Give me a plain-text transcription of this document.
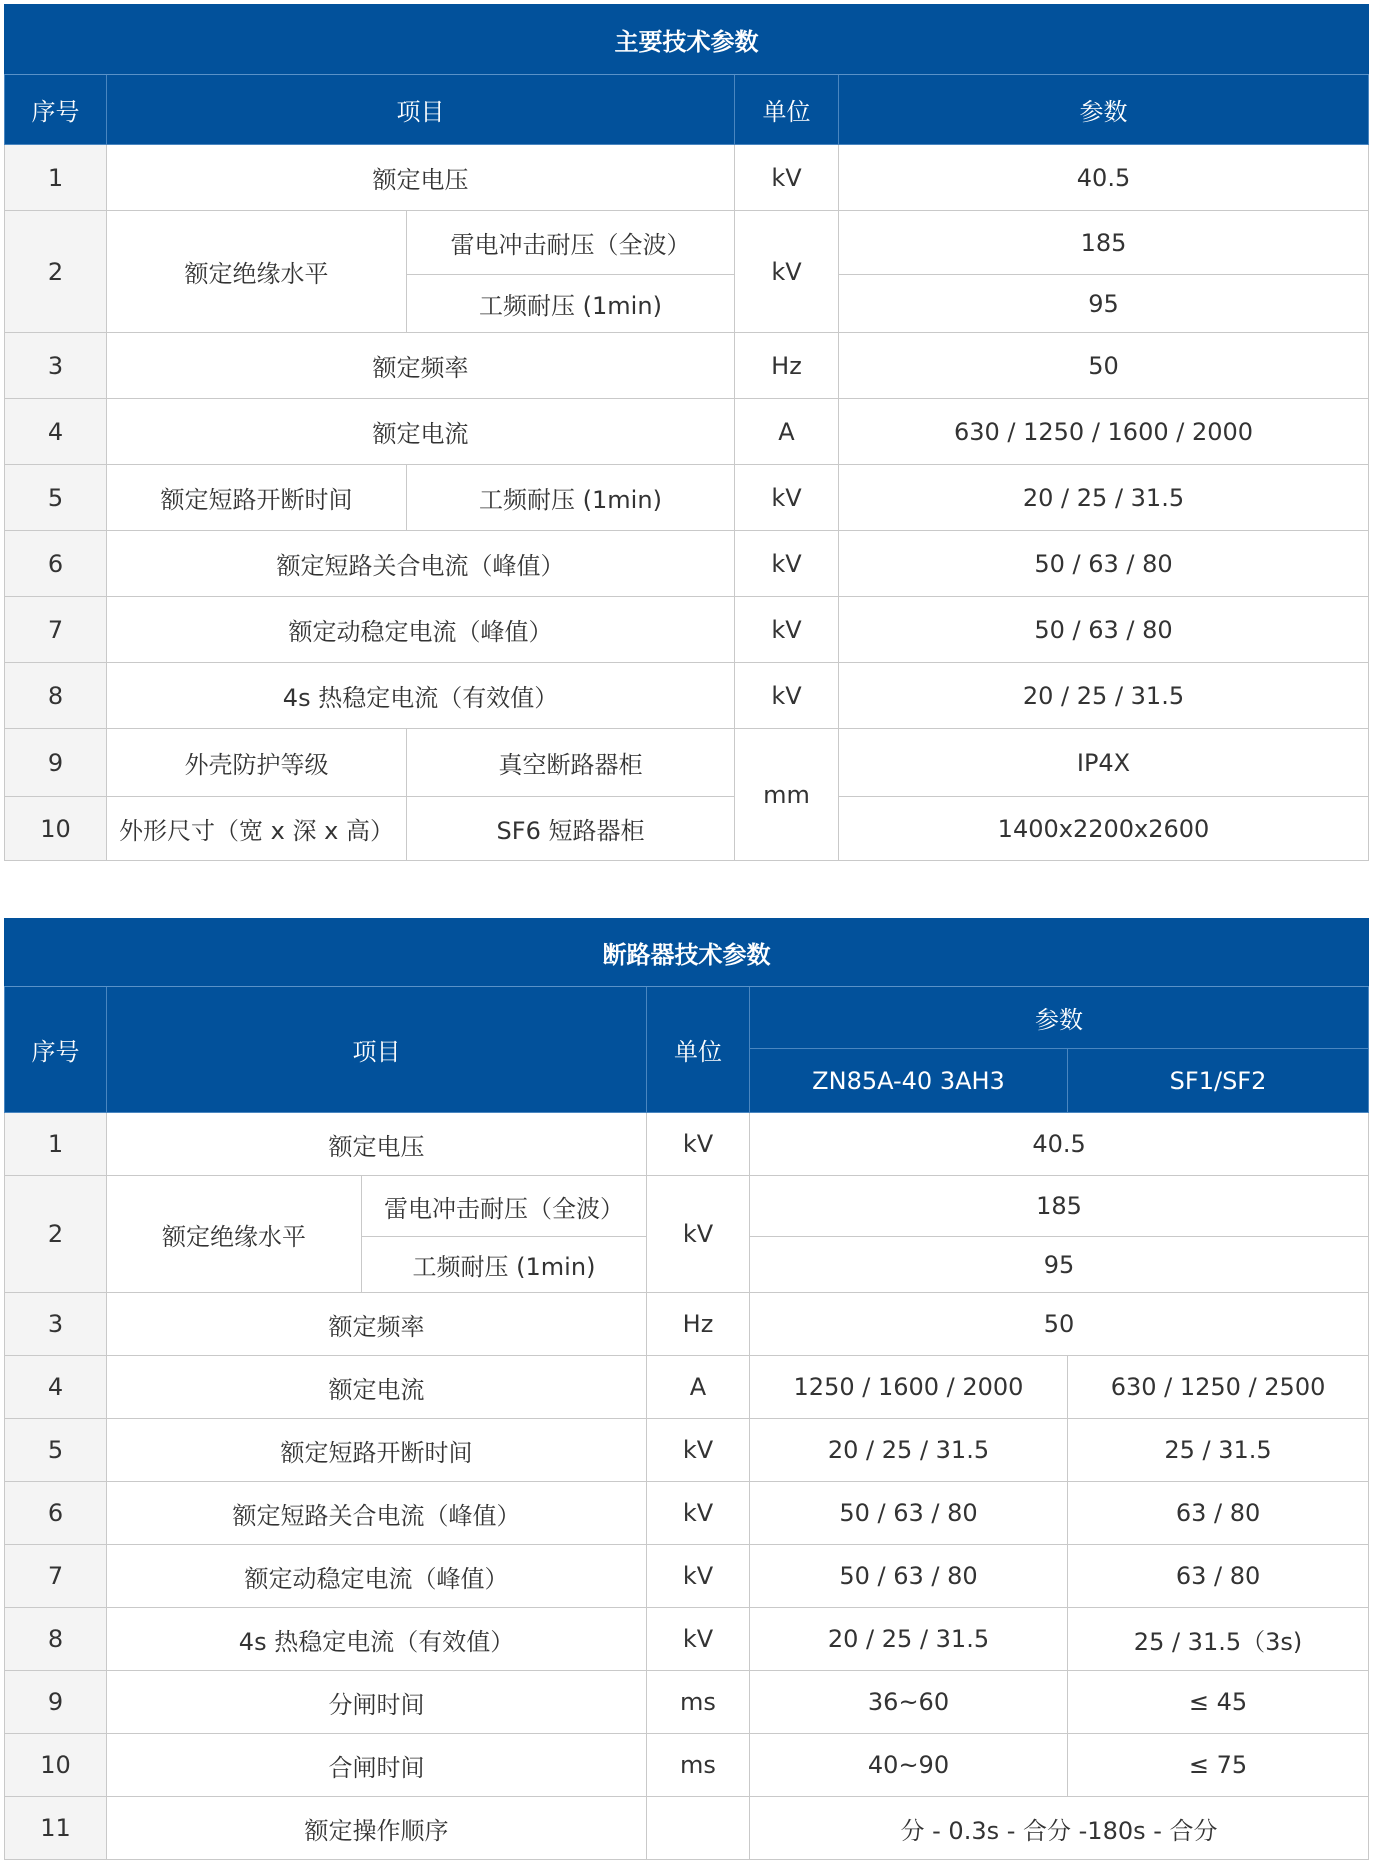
主要技术参数				
序号	项目		单位	参数
1	额定电压		kV	40.5
2	额定绝缘水平	雷电冲击耐压（全波）	kV	185
		工频耐压 (1min)		95
3	额定频率		Hz	50
4	额定电流		A	630 / 1250 / 1600 / 2000
5	额定短路开断时间	工频耐压 (1min)	kV	20 / 25 / 31.5
6	额定短路关合电流（峰值）		kV	50 / 63 / 80
7	额定动稳定电流（峰值）		kV	50 / 63 / 80
8	4s 热稳定电流（有效值）		kV	20 / 25 / 31.5
9	外壳防护等级	真空断路器柜	mm	IP4X
10	外形尺寸（宽 x 深 x 高）	SF6 短路器柜		1400x2200x2600
断路器技术参数					
序号	项目		单位	参数	
				ZN85A-40 3AH3	SF1/SF2
1	额定电压		kV	40.5	
2	额定绝缘水平	雷电冲击耐压（全波）	kV	185	
		工频耐压 (1min)		95	
3	额定频率		Hz	50	
4	额定电流		A	1250 / 1600 / 2000	630 / 1250 / 2500
5	额定短路开断时间		kV	20 / 25 / 31.5	25 / 31.5
6	额定短路关合电流（峰值）		kV	50 / 63 / 80	63 / 80
7	额定动稳定电流（峰值）		kV	50 / 63 / 80	63 / 80
8	4s 热稳定电流（有效值）		kV	20 / 25 / 31.5	25 / 31.5（3s)
9	分闸时间		ms	36~60	≤ 45
10	合闸时间		ms	40~90	≤ 75
11	额定操作顺序			分 - 0.3s - 合分 -180s - 合分	
